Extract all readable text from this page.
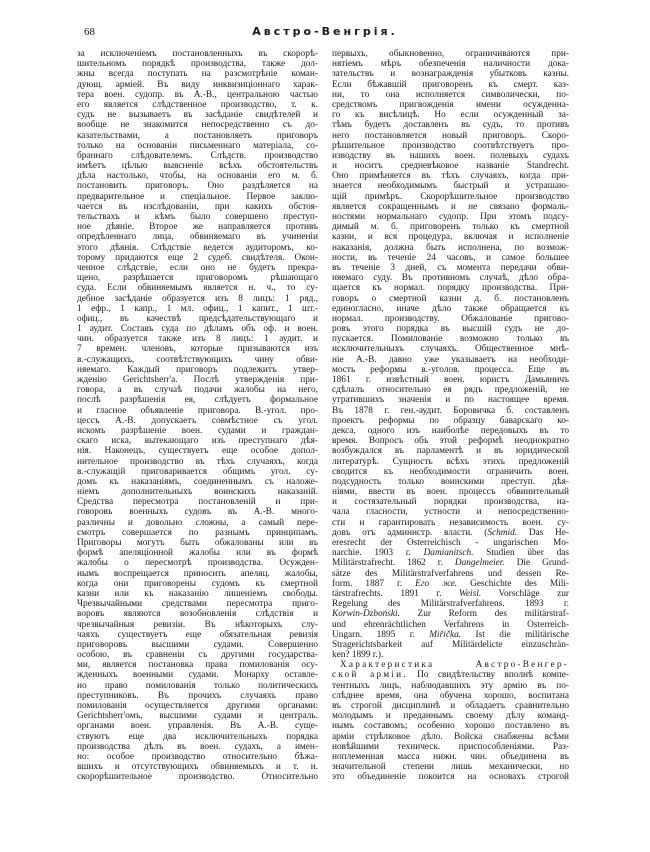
68	Австро-Венгрія.
за исключеніемъ постановленныхъ въ скорорѣ-
шительномъ порядкѣ производства, также дол-
жны всегда поступать на разсмотрѣніе коман-
дующ. арміей. Въ виду инквизиціоннаго харак-
тера воен. судопр. въ А.-В., центральною частью
его является слѣдственное производство, т. к.
судъ не вызываетъ въ засѣданіе свидѣтелей и
вообще не знакомится непосредственно съ до-
казательствами, а постановляетъ приговоръ
только на основаніи письменнаго матеріала, со-
браннаго слѣдователемъ. Слѣдств. производство
имѣетъ цѣлью выясненіе всѣхъ обстоятельствъ
дѣла настолько, чтобы, на основаніи его м. б.
постановить приговоръ. Оно раздѣляется на
предварительное и спеціальное. Первое заклю-
чается въ изслѣдованіи, при какихъ обстоя-
тельствахъ и кѣмъ было совершено преступ-
ное дѣяніе. Второе же направляется противъ
опредѣленнаго лица, обвиняемаго въ учиненіи
этого дѣянія. Слѣдствіе ведется аудиторомъ, ко-
торому придаются еще 2 судеб. свидѣтеля. Окон-
ченное слѣдствіе, если оно не будетъ прекра-
щено, разрѣшается приговоромъ рѣшающаго
суда. Если обвиняемымъ является н. ч., то су-
дебное засѣданіе образуется изъ 8 лицъ: 1 ряд.,
1 ефр., 1 капр., 1 мл. офиц., 1 капит., 1 шт.-
офиц., въ качествѣ предсѣдательствующаго и
1 аудит. Составъ суда по дѣламъ объ оф. и воен.
чин. образуется также изъ 8 лицъ: 1 аудит. и
7 времен. членовъ, которые призываются изъ
в.-служащихъ, соотвѣтствующихъ чину обви-
няемаго. Каждый приговоръ подлежитъ утвер-
жденію Gerichtsherr'а. Послѣ утвержденія при-
говора, а въ случаѣ подачи жалобы на него,
послѣ разрѣшенія ея, слѣдуетъ формальное
и гласное объявленіе приговора. В.-угол. про-
цессъ А.-В. допускаетъ совмѣстное съ угол.
искомъ разрѣшеніе воен. судами и граждан-
скаго иска, вытекающаго изъ преступнаго дѣя-
нія. Наконецъ, существуетъ еще особое допол-
нительное производство въ тѣхъ случаяхъ, когда
в.-служащій приговаривается общимъ угол. су-
домъ къ наказаніямъ, соединеннымъ съ наложе-
ніемъ дополнительныхъ воинскихъ наказаній.
Средства пересмотра постановленій и при-
говоровъ военныхъ судовъ въ А.-В. много-
различны и довольно сложны, а самый пере-
смотръ совершается по разнымъ принципамъ.
Приговоры могутъ быть обжалованы или въ
формѣ апеляціонной жалобы или въ формѣ
жалобы о пересмотрѣ производства. Осужден-
нымъ воспрещается приносить апеляц. жалобы,
когда они приговорены судомъ къ смертной
казни или къ наказанію лишеніемъ свободы.
Чрезвычайными средствами пересмотра приго-
воровъ являются возобновленія слѣдствія и
чрезвычайныя ревизіи. Въ нѣкоторыхъ слу-
чаяхъ существуетъ еще обязательная ревизія
приговоровъ высшими судами. Совершенно
особою, въ сравненіи съ другими государства-
ми, является постановка права помилованія осу-
жденныхъ военными судами. Монарху оставле-
но право помилованія только политическихъ
преступниковъ. Въ прочихъ случаяхъ право
помилованія осуществляется другими органами:
Gerichtsherr'омъ, высшими судами и централь.
органами воен. управленія. Въ А.-В. суще-
ствуютъ еще два исключительныхъ порядка
производства дѣлъ въ воен. судахъ, а имен-
но: особое производство относительно бѣжа-
вшихъ и отсутствующихъ обвиняемыхъ и т. н.
скорорѣшительное производство. Относительно
первыхъ, обыкновенно, ограничиваются при-
нятіемъ мѣръ обезпеченія наличности дока-
зательствъ и вознагражденія убытковъ казны.
Если бѣжавшій приговоренъ къ смерт. каз-
ни, то она исполняется символически, по-
средствомъ пригвожденія имени осужденна-
го къ висѣлицѣ. Но если осужденный за-
тѣмъ будетъ доставленъ въ судъ, то противъ
него постановляется новый приговоръ. Скоро-
рѣшительное производство соотвѣтствуетъ про-
изводству въ нашихъ воен. полевыхъ судахъ
и носитъ средневѣковое названіе Standrecht.
Оно примѣняется въ тѣхъ случаяхъ, когда при-
знается необходимымъ быстрый и устрашаю-
щій примѣръ. Скорорѣшительное производство
является сокращеннымъ и не связано формаль-
ностями нормальнаго судопр. При этомъ подсу-
димый м. б. приговоренъ только къ смертной
казни, и вся процедура, включая и исполненіе
наказанія, должна быть исполнена, по возмож-
ности, въ теченіе 24 часовъ, и самое большее
въ теченіе 3 дней, съ момента передачи обви-
няемаго суду. Въ противномъ случаѣ, дѣло обра-
щается къ нормал. порядку производства. При-
говоръ о смертной казни д. б. постановленъ
единогласно, иначе дѣло также обращается къ
нормал. производству. Обжалованіе пригово-
ровъ этого порядка въ высшій судъ не до-
пускается. Помилованіе возможно только въ
исключительныхъ случаяхъ. Общественное мнѣ-
ніе А.-В. давно уже указываетъ на необходи-
мость реформы в.-уголов. процесса. Еще въ
1861 г. извѣстный воен. юристъ Дамьяничъ
сдѣлалъ относительно ея рядъ предложеній, не
утратившихъ значенія и по настоящее время.
Въ 1878 г. ген.-аудит. Боровичка б. составленъ
проектъ реформы по образцу баварскаго ко-
декса, одного изъ наиболѣе передовыхъ въ то
время. Вопросъ объ этой реформѣ неоднократно
возбуждался въ парламентѣ и въ юридической
литературѣ. Сущность всѣхъ этихъ предложеній
сводится къ необходимости ограничить воен.
подсудность только воинскими преступ. дѣя-
ніями, ввести въ воен. процессъ обвинительный
и состязательный порядки производства, на-
чала гласности, устности и непосредственно-
сти и гарантировать независимость воен. су-
довъ отъ администр. власти. (Schmid. Das He-
eresrecht der Österreichisch - ungarischen Mo-
narchie. 1903 г. Damianitsch. Studien über das
Militärstrafrecht. 1862 г. Dangelmeier. Die Grund-
sätze des Militärstrafverfahrens und dessen Re-
form. 1887 г. Его же. Geschichte des Mili-
tärstrafrechts. 1891 г. Weisl. Vorschläge zur
Regelung des Militärstrafverfahrens. 1893 г.
Korwin-Dzboński. Zur Reform des militärstraf-
und ehrenrächtlichen Verfahrens in Österreich-
Ungarn. 1895 г. Miřička. Ist die militärische
Stragerichtsbarkeit auf Militärdelicte einzuschrän-
ken? 1899 г.).
Характеристика Австро-Венгер-
ской арміи. По свидѣтельству вполнѣ компе-
тентныхъ лицъ, наблюдавшихъ эту армію въ по-
слѣднее время, она обучена хорошо, воспитана
въ строгой дисциплинѣ и обладаетъ сравнительно
молодымъ и преданнымъ своему дѣлу команд-
нымъ составомъ; особенно хорошо поставлено въ
арміи стрѣлковое дѣло. Войска снабжены всѣми
новѣйшими техническ. приспособленіями. Раз-
ноплеменная масса нижн. чин. объединена въ
значительной степени лишь механически, но
это объединеніе покоится на основахъ строгой
